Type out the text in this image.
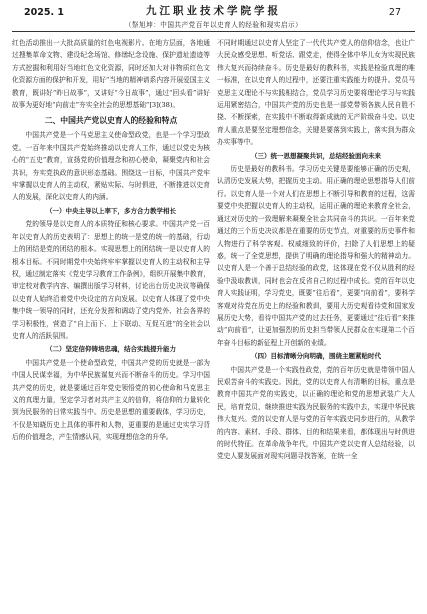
2025. 1	九江职业技术学院学报
（祭旭坤：中国共产党百年以史育人的经验和现实启示）
27

红色活动推出一大批高质量的红色电视影片。在地方层面，各地通过搜集革命文物、建设纪念场馆、修缮纪念设施、保护遗址遗迹等方式挖掘和利用好当地红色文化资源，同时还加大对非物质红色文化资源方面的保护和开发，用好“当地的精神谱系内容开展爱国主义教育，既讲好“昨日故事”，又讲好“今日故事”，通过“回头看”讲好故事为更好地“向前走”夯实全社会的思想基础”[3](38)。

二、中国共产党以史育人的经验和特点

中国共产党是一个马克思主义使命型政党，也是一个学习型政党。一百年来中国共产党始终推动以史育人工作，通过以党史为核心的“五史”教育，宣扬党的价值理念和初心使命，凝聚党内和社会共识，夯实党执政的意识形态基础。围绕这一目标，中国共产党牢牢掌握以史育人的主动权，紧贴实际、与时俱进，不断推进以史育人的发展，深化以史育人的内涵。

（一）中央主导以上率下，多方合力教学相长

党的领导是以史育人的本质特征和核心要求。中国共产党一百年以史育人的历史表明了：思想上的统一是党的统一的基础，行动上的团结是党的团结的根本。实现思想上的团结统一是以史育人的根本目标。不同时期党中央始终牢牢掌握以史育人的主动权和主导权，通过制定落实《党史学习教育工作条例》，组织开展集中教育，审定校对教学内容、编撰出版学习材料，讨论出台历史决议等确保以史育人始终沿着党中央设定的方向发展。以史育人体现了党中央集中统一领导的同时，还充分发挥和调动了党内党外、社会各界的学习积极性，营造了“自上而下、上下联动、互促互进”的全社会以史育人的活跃氛围。

（二）坚定信仰铸培忠魂，结合实践提升能力

中国共产党是一个使命型政党，中国共产党的历史就是一部为中国人民谋幸福，为中华民族谋复兴而不断奋斗的历史。学习中国共产党的历史，就是要通过百年党史领悟党的初心使命和马克思主义的真理力量，坚定学习者对共产主义的信仰，将信仰的力量转化到为民服务的日常实践当中。历史是思想的重要载体，学习历史，不仅是知晓历史上具体的事件和人物，更重要的是通过史实学习背后的价值理念，产生情感认同，实现理想信念的升华。

不同时期通过以史育人坚定了一代代共产党人的信仰信念，也让广大民众感受思想、听党话、跟党走，使得全体中华儿女为实现民族伟大复兴而持续奋斗。历史是最好的教科书，实践是检验真理的唯一标准，在以史育人的过程中，还要注重实践能力的提升。党员马克思主义理论不与实践相结合，党员学习历史要将理论学习与实践运用紧密结合，中国共产党的历史也是一部党带领各族人民自胜不挠、不断探索，在实践中不断取得新成就的无产阶级奋斗史。以史育人重点是要坚定理想信念，关键是要落到实践上，落实到为群众办实事等中。

（三）统一思想凝聚共识，总结经验面向未来

历史是最好的教科书。学习历史关键是要能够正确的历史观，认清历史发展大势，把握历史主动。用正确的理论思想指导人们前行。以史育人是一个对人们在思想上不断引导和教育的过程，这需要党中央把握以史育人的主动权，运用正确的理论来教育全社会，通过对历史的一致理解来凝聚全社会共同奋斗的共识。一百年来党通过的三个历史决议都是在重要的历史节点，对重要的历史事件和人物进行了科学客观、权威细致的评价，扫除了人们思想上的疑惑，统一了全党思想，提供了明确的理论指导和强大的精神动力。以史育人是一个善于总结经验的政党，这体现在党不仅从胜利的经验中汲取教训，同时也会在反省自己的过程中成长。党的百年以史育人实践证明，学习党史，既要“往后看”，更要“向前看”，要科学客观对待党在历史上的经验和教训，要用大历史观看待党和国家发展历史大势，看待中国共产党的过去任务，更要通过“往后看”来推动“向前看”，让更加强烈的历史担当带领人民群众在实现第二个百年奋斗目标的新征程上开创新的业绩。

（四）目标清晰分向明确，围绕主题紧贴时代

中国共产党是一个实践性政党，党的百年历史就是带领中国人民艰苦奋斗的实践史。因此，党的以史育人有清晰的目标，重点是教育中国共产党的实践史，以正确的理论和党的思想武装广大人民，培育党员，继续推进实践为民服务的实践中去，实现中华民族伟大复兴。党的以史育人是与党的百年实践史同步进行的，从教学的内容、素材、手段、群体、目的和结果来看，都体现出与时俱进的时代特征。在革命战争年代，中国共产党以史育人总结经验，以党史人要发展面对现实问题寻找答案，在统一全
